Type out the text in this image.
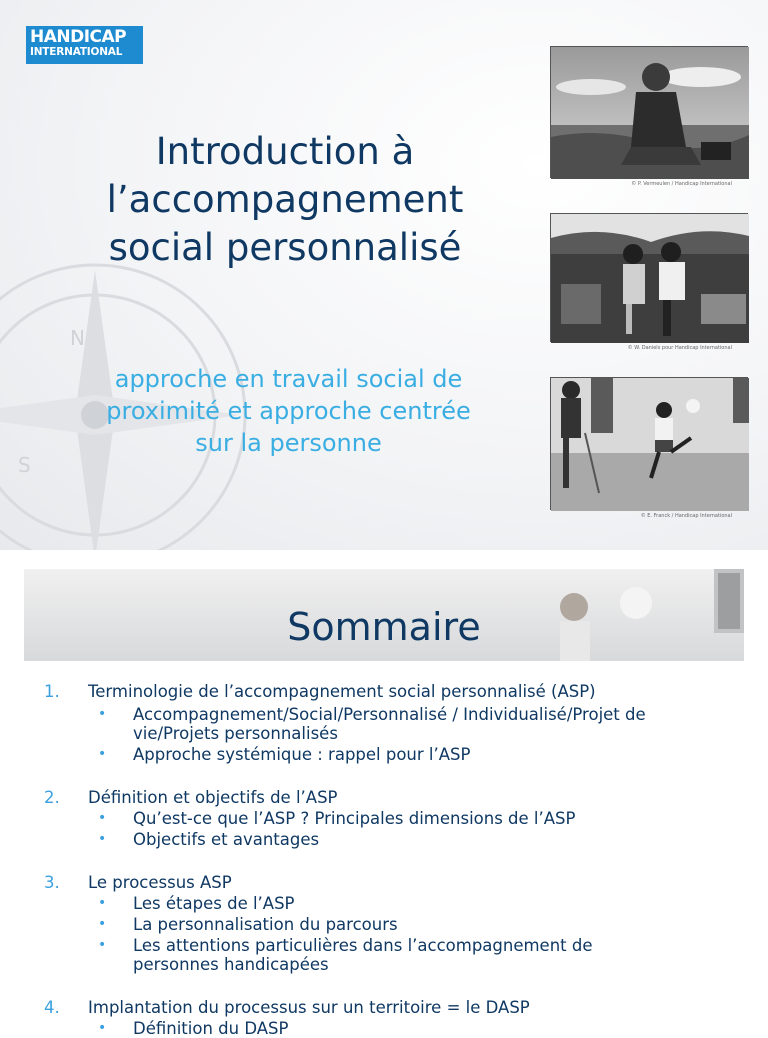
N
S
HANDICAP
INTERNATIONAL
Introduction à
l’accompagnement
social personnalisé
approche en travail social de
proximité et approche centrée
sur la personne
© P. Vermeulen / Handicap International
© W. Daniels pour Handicap International
© E. Franck / Handicap International
Sommaire
1. Terminologie de l’accompagnement social personnalisé (ASP)
• Accompagnement/Social/Personnalisé / Individualisé/Projet de
vie/Projets personnalisés
• Approche systémique : rappel pour l’ASP
2. Définition et objectifs de l’ASP
• Qu’est-ce que l’ASP ? Principales dimensions de l’ASP
• Objectifs et avantages
3. Le processus ASP
• Les étapes de l’ASP
• La personnalisation du parcours
• Les attentions particulières dans l’accompagnement de
personnes handicapées
4. Implantation du processus sur un territoire = le DASP
• Définition du DASP
